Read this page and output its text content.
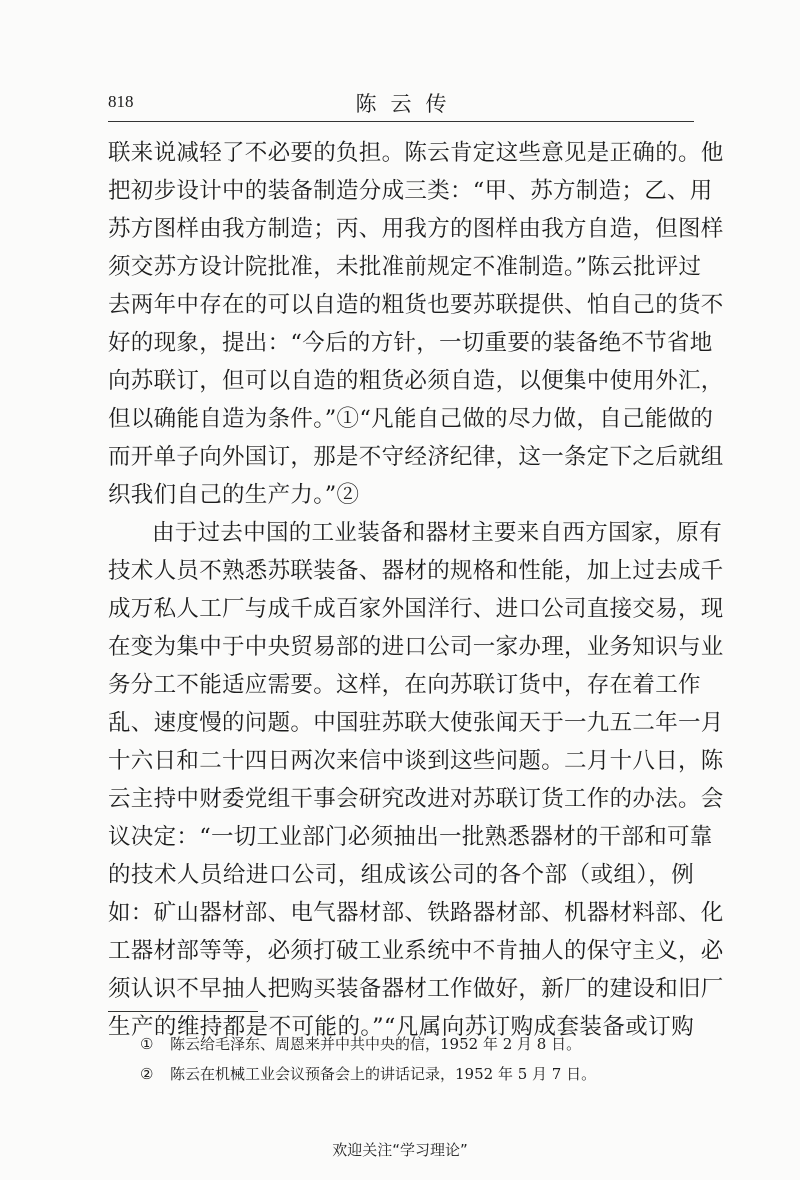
818	陈云传
联来说减轻了不必要的负担。陈云肯定这些意见是正确的。他
把初步设计中的装备制造分成三类：“甲、苏方制造；乙、用
苏方图样由我方制造；丙、用我方的图样由我方自造，但图样
须交苏方设计院批准，未批准前规定不准制造。”陈云批评过
去两年中存在的可以自造的粗货也要苏联提供、怕自己的货不
好的现象，提出：“今后的方针，一切重要的装备绝不节省地
向苏联订，但可以自造的粗货必须自造，以便集中使用外汇，
但以确能自造为条件。”①“凡能自己做的尽力做，自己能做的
而开单子向外国订，那是不守经济纪律，这一条定下之后就组
织我们自己的生产力。”②
由于过去中国的工业装备和器材主要来自西方国家，原有
技术人员不熟悉苏联装备、器材的规格和性能，加上过去成千
成万私人工厂与成千成百家外国洋行、进口公司直接交易，现
在变为集中于中央贸易部的进口公司一家办理，业务知识与业
务分工不能适应需要。这样，在向苏联订货中，存在着工作
乱、速度慢的问题。中国驻苏联大使张闻天于一九五二年一月
十六日和二十四日两次来信中谈到这些问题。二月十八日，陈
云主持中财委党组干事会研究改进对苏联订货工作的办法。会
议决定：“一切工业部门必须抽出一批熟悉器材的干部和可靠
的技术人员给进口公司，组成该公司的各个部（或组），例
如：矿山器材部、电气器材部、铁路器材部、机器材料部、化
工器材部等等，必须打破工业系统中不肯抽人的保守主义，必
须认识不早抽人把购买装备器材工作做好，新厂的建设和旧厂
生产的维持都是不可能的。”“凡属向苏订购成套装备或订购
① 陈云给毛泽东、周恩来并中共中央的信，1952 年 2 月 8 日。
② 陈云在机械工业会议预备会上的讲话记录，1952 年 5 月 7 日。
欢迎关注“学习理论”
